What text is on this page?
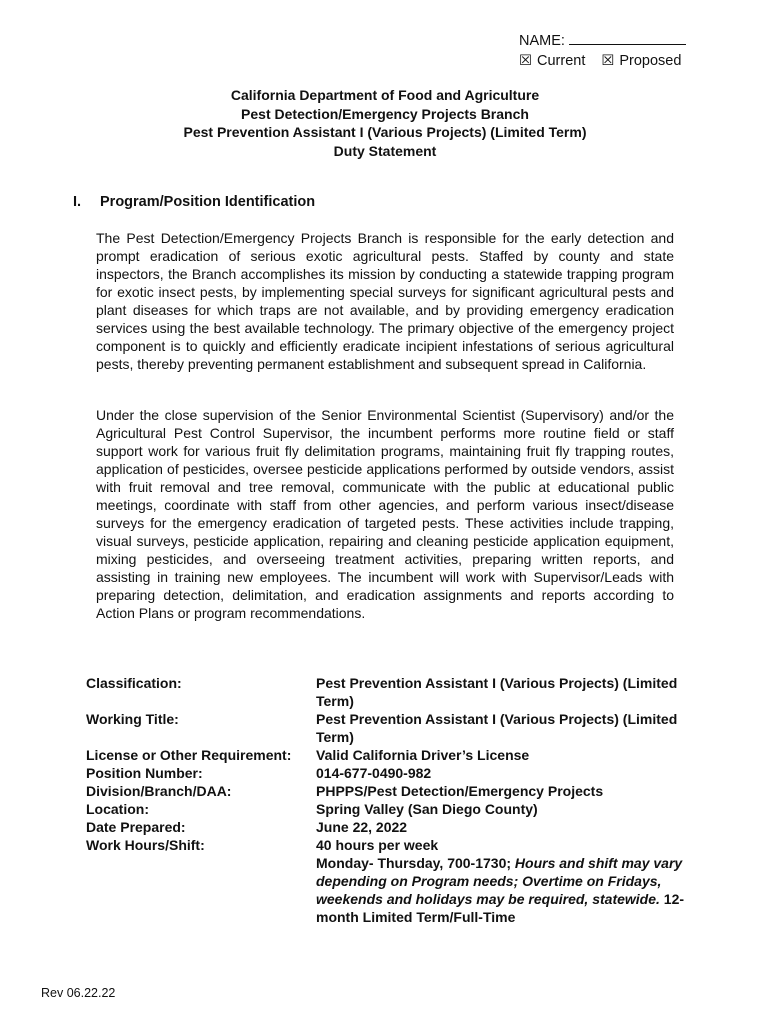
NAME:
☒ Current ☒ Proposed
California Department of Food and Agriculture
Pest Detection/Emergency Projects Branch
Pest Prevention Assistant I (Various Projects) (Limited Term)
Duty Statement
I. Program/Position Identification
The Pest Detection/Emergency Projects Branch is responsible for the early detection and prompt eradication of serious exotic agricultural pests. Staffed by county and state inspectors, the Branch accomplishes its mission by conducting a statewide trapping program for exotic insect pests, by implementing special surveys for significant agricultural pests and plant diseases for which traps are not available, and by providing emergency eradication services using the best available technology. The primary objective of the emergency project component is to quickly and efficiently eradicate incipient infestations of serious agricultural pests, thereby preventing permanent establishment and subsequent spread in California.
Under the close supervision of the Senior Environmental Scientist (Supervisory) and/or the Agricultural Pest Control Supervisor, the incumbent performs more routine field or staff support work for various fruit fly delimitation programs, maintaining fruit fly trapping routes, application of pesticides, oversee pesticide applications performed by outside vendors, assist with fruit removal and tree removal, communicate with the public at educational public meetings, coordinate with staff from other agencies, and perform various insect/disease surveys for the emergency eradication of targeted pests. These activities include trapping, visual surveys, pesticide application, repairing and cleaning pesticide application equipment, mixing pesticides, and overseeing treatment activities, preparing written reports, and assisting in training new employees. The incumbent will work with Supervisor/Leads with preparing detection, delimitation, and eradication assignments and reports according to Action Plans or program recommendations.
Classification:	Pest Prevention Assistant I (Various Projects) (Limited Term)
Working Title:	Pest Prevention Assistant I (Various Projects) (Limited Term)
License or Other Requirement:	Valid California Driver’s License
Position Number:	014-677-0490-982
Division/Branch/DAA:	PHPPS/Pest Detection/Emergency Projects
Location:	Spring Valley (San Diego County)
Date Prepared:	June 22, 2022
Work Hours/Shift:	40 hours per week
Monday- Thursday, 700-1730; Hours and shift may vary depending on Program needs; Overtime on Fridays, weekends and holidays may be required, statewide. 12-month Limited Term/Full-Time
Rev 06.22.22
